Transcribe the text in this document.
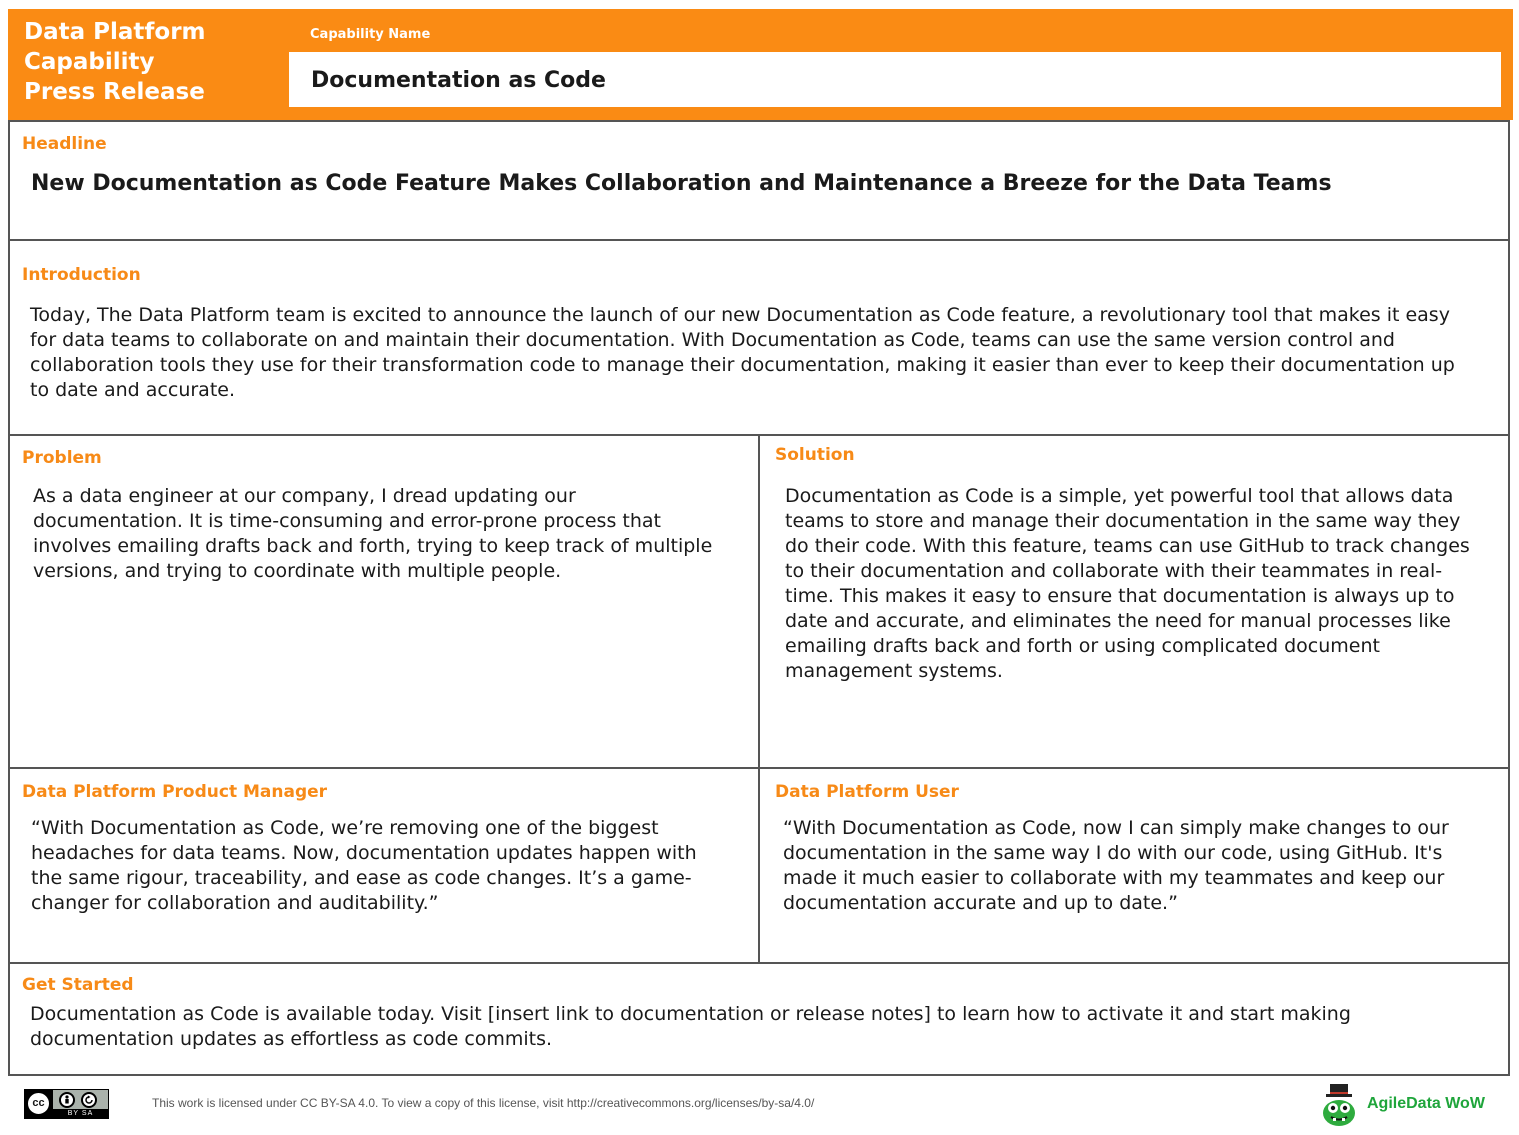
Data Platform
Capability
Press Release
Capability Name
Documentation as Code
Headline
New Documentation as Code Feature Makes Collaboration and Maintenance a Breeze for the Data Teams
Introduction
Today, The Data Platform team is excited to announce the launch of our new Documentation as Code feature, a revolutionary tool that makes it easy for data teams to collaborate on and maintain their documentation. With Documentation as Code, teams can use the same version control and collaboration tools they use for their transformation code to manage their documentation, making it easier than ever to keep their documentation up to date and accurate.
Problem
As a data engineer at our company, I dread updating our documentation. It is time-consuming and error-prone process that involves emailing drafts back and forth, trying to keep track of multiple versions, and trying to coordinate with multiple people.
Solution
Documentation as Code is a simple, yet powerful tool that allows data teams to store and manage their documentation in the same way they do their code. With this feature, teams can use GitHub to track changes to their documentation and collaborate with their teammates in real-time. This makes it easy to ensure that documentation is always up to date and accurate, and eliminates the need for manual processes like emailing drafts back and forth or using complicated document management systems.
Data Platform Product Manager
“With Documentation as Code, we’re removing one of the biggest headaches for data teams. Now, documentation updates happen with the same rigour, traceability, and ease as code changes. It’s a game-changer for collaboration and auditability.”
Data Platform User
“With Documentation as Code, now I can simply make changes to our documentation in the same way I do with our code, using GitHub. It's made it much easier to collaborate with my teammates and keep our documentation accurate and up to date.”
Get Started
Documentation as Code is available today. Visit [insert link to documentation or release notes] to learn how to activate it and start making documentation updates as effortless as code commits.
cc
BY SA
This work is licensed under CC BY-SA 4.0. To view a copy of this license, visit http://creativecommons.org/licenses/by-sa/4.0/	AgileData WoW
